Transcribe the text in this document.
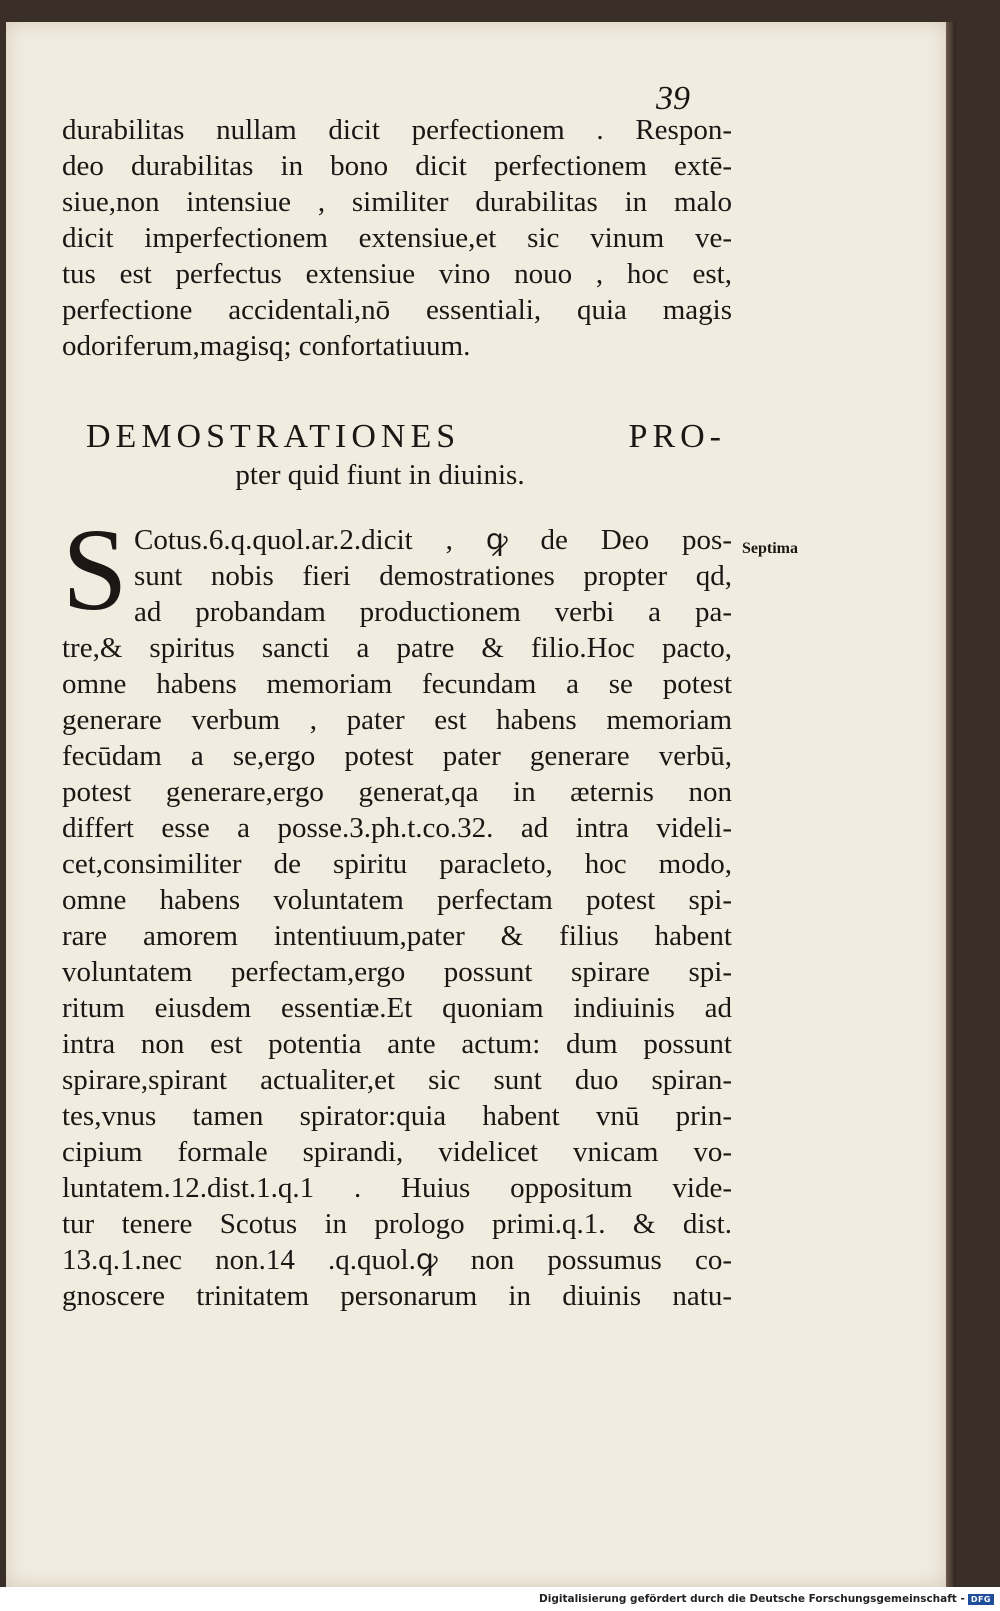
39
durabilitas nullam dicit perfectionem . Respon-
deo durabilitas in bono dicit perfectionem extē-
siue,non intensiue , similiter durabilitas in malo
dicit imperfectionem extensiue,et sic vinum ve-
tus est perfectus extensiue vino nouo , hoc est,
perfectione accidentali,nō essentiali, quia magis
odoriferum,magisq; confortatiuum.
DEMOSTRATIONES PRO-
pter quid fiunt in diuinis.
S	Septima
Cotus.6.q.quol.ar.2.dicit , ꝙ de Deo pos-
sunt nobis fieri demostrationes propter qd,
ad probandam productionem verbi a pa-
tre,& spiritus sancti a patre & filio.Hoc pacto,
omne habens memoriam fecundam a se potest
generare verbum , pater est habens memoriam
fecūdam a se,ergo potest pater generare verbū,
potest generare,ergo generat,qa in æternis non
differt esse a posse.3.ph.t.co.32. ad intra videli-
cet,consimiliter de spiritu paracleto, hoc modo,
omne habens voluntatem perfectam potest spi-
rare amorem intentiuum,pater & filius habent
voluntatem perfectam,ergo possunt spirare spi-
ritum eiusdem essentiæ.Et quoniam indiuinis ad
intra non est potentia ante actum: dum possunt
spirare,spirant actualiter,et sic sunt duo spiran-
tes,vnus tamen spirator:quia habent vnū prin-
cipium formale spirandi, videlicet vnicam vo-
luntatem.12.dist.1.q.1 . Huius oppositum vide-
tur tenere Scotus in prologo primi.q.1. & dist.
13.q.1.nec non.14 .q.quol.ꝙ non possumus co-
gnoscere trinitatem personarum in diuinis natu-
Digitalisierung gefördert durch die Deutsche Forschungsgemeinschaft - DFG
